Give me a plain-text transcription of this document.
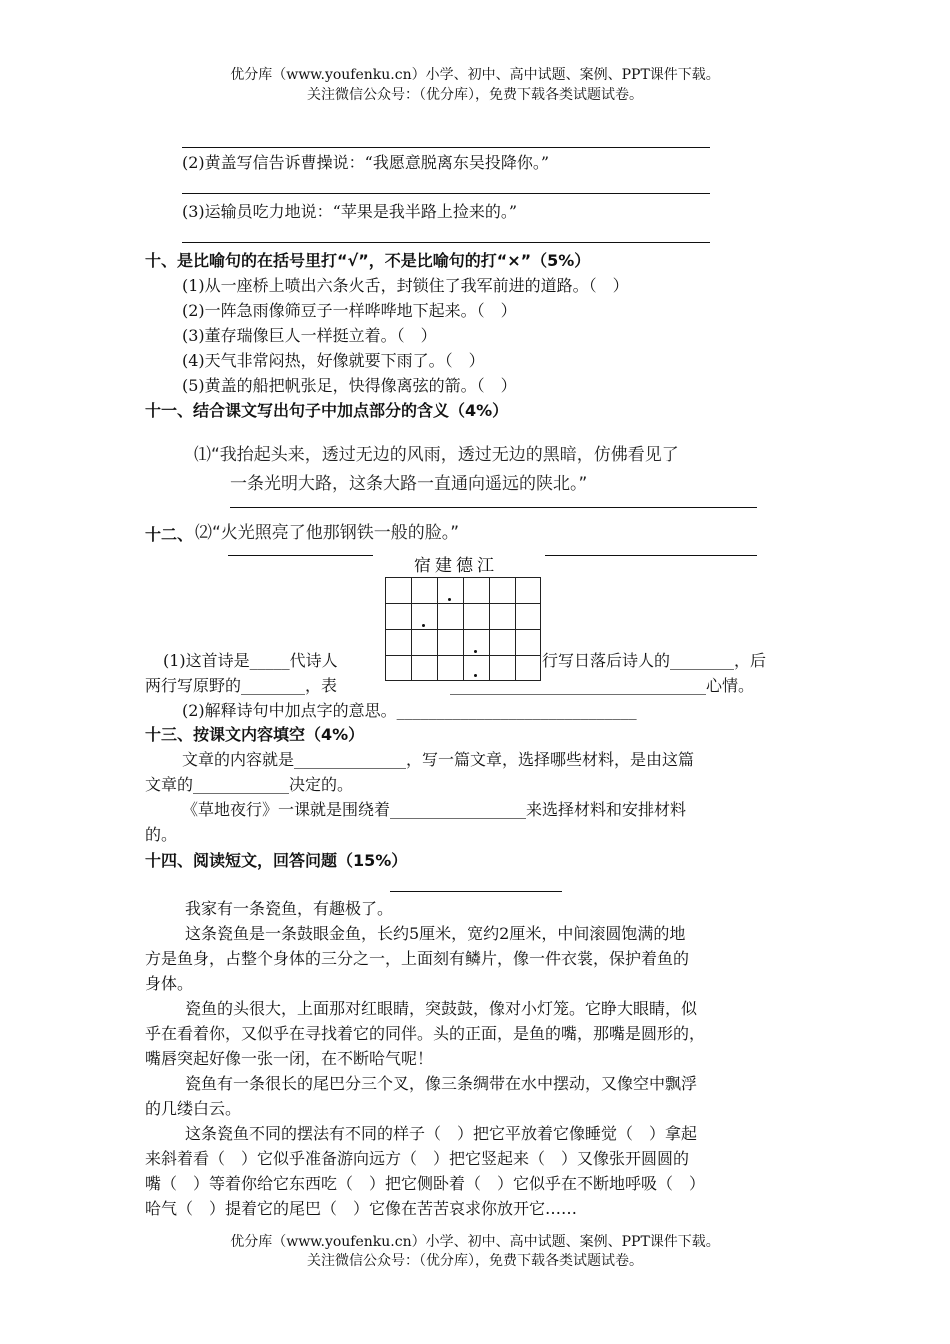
优分库（www.youfenku.cn）小学、初中、高中试题、案例、PPT课件下载。
关注微信公众号：（优分库），免费下载各类试题试卷。
(2)黄盖写信告诉曹操说：“我愿意脱离东吴投降你。”
(3)运输员吃力地说：“苹果是我半路上捡来的。”
十、是比喻句的在括号里打“√”，不是比喻句的打“×”（5%）
(1)从一座桥上喷出六条火舌，封锁住了我军前进的道路。（　）
(2)一阵急雨像筛豆子一样哗哗地下起来。（　）
(3)董存瑞像巨人一样挺立着。（　）
(4)天气非常闷热，好像就要下雨了。（　）
(5)黄盖的船把帆张足，快得像离弦的箭。（　）
十一、结合课文写出句子中加点部分的含义（4%）
⑴“我抬起头来，透过无边的风雨，透过无边的黑暗，仿佛看见了
一条光明大路，这条大路一直通向遥远的陕北。”
十二、 ⑵“火光照亮了他那钢铁一般的脸。”
宿建德江
(1)这首诗是_____代诗人	行写日落后诗人的________，后
两行写原野的________，表	________________________________心情。
(2)解释诗句中加点字的意思。______________________________
十三、按课文内容填空（4%）
文章的内容就是______________，写一篇文章，选择哪些材料，是由这篇
文章的____________决定的。
《草地夜行》一课就是围绕着_________________来选择材料和安排材料
的。
十四、阅读短文，回答问题（15%）
我家有一条瓷鱼，有趣极了。
这条瓷鱼是一条鼓眼金鱼，长约5厘米，宽约2厘米，中间滚圆饱满的地
方是鱼身，占整个身体的三分之一，上面刻有鳞片，像一件衣裳，保护着鱼的
身体。
瓷鱼的头很大，上面那对红眼睛，突鼓鼓，像对小灯笼。它睁大眼睛，似
乎在看着你，又似乎在寻找着它的同伴。头的正面，是鱼的嘴，那嘴是圆形的，
嘴唇突起好像一张一闭，在不断哈气呢！
瓷鱼有一条很长的尾巴分三个叉，像三条绸带在水中摆动，又像空中飘浮
的几缕白云。
这条瓷鱼不同的摆法有不同的样子（　）把它平放着它像睡觉（　）拿起
来斜着看（　）它似乎准备游向远方（　）把它竖起来（　）又像张开圆圆的
嘴（　）等着你给它东西吃（　）把它侧卧着（　）它似乎在不断地呼吸（　）
哈气（　）提着它的尾巴（　）它像在苦苦哀求你放开它……
优分库（www.youfenku.cn）小学、初中、高中试题、案例、PPT课件下载。
关注微信公众号：（优分库），免费下载各类试题试卷。
